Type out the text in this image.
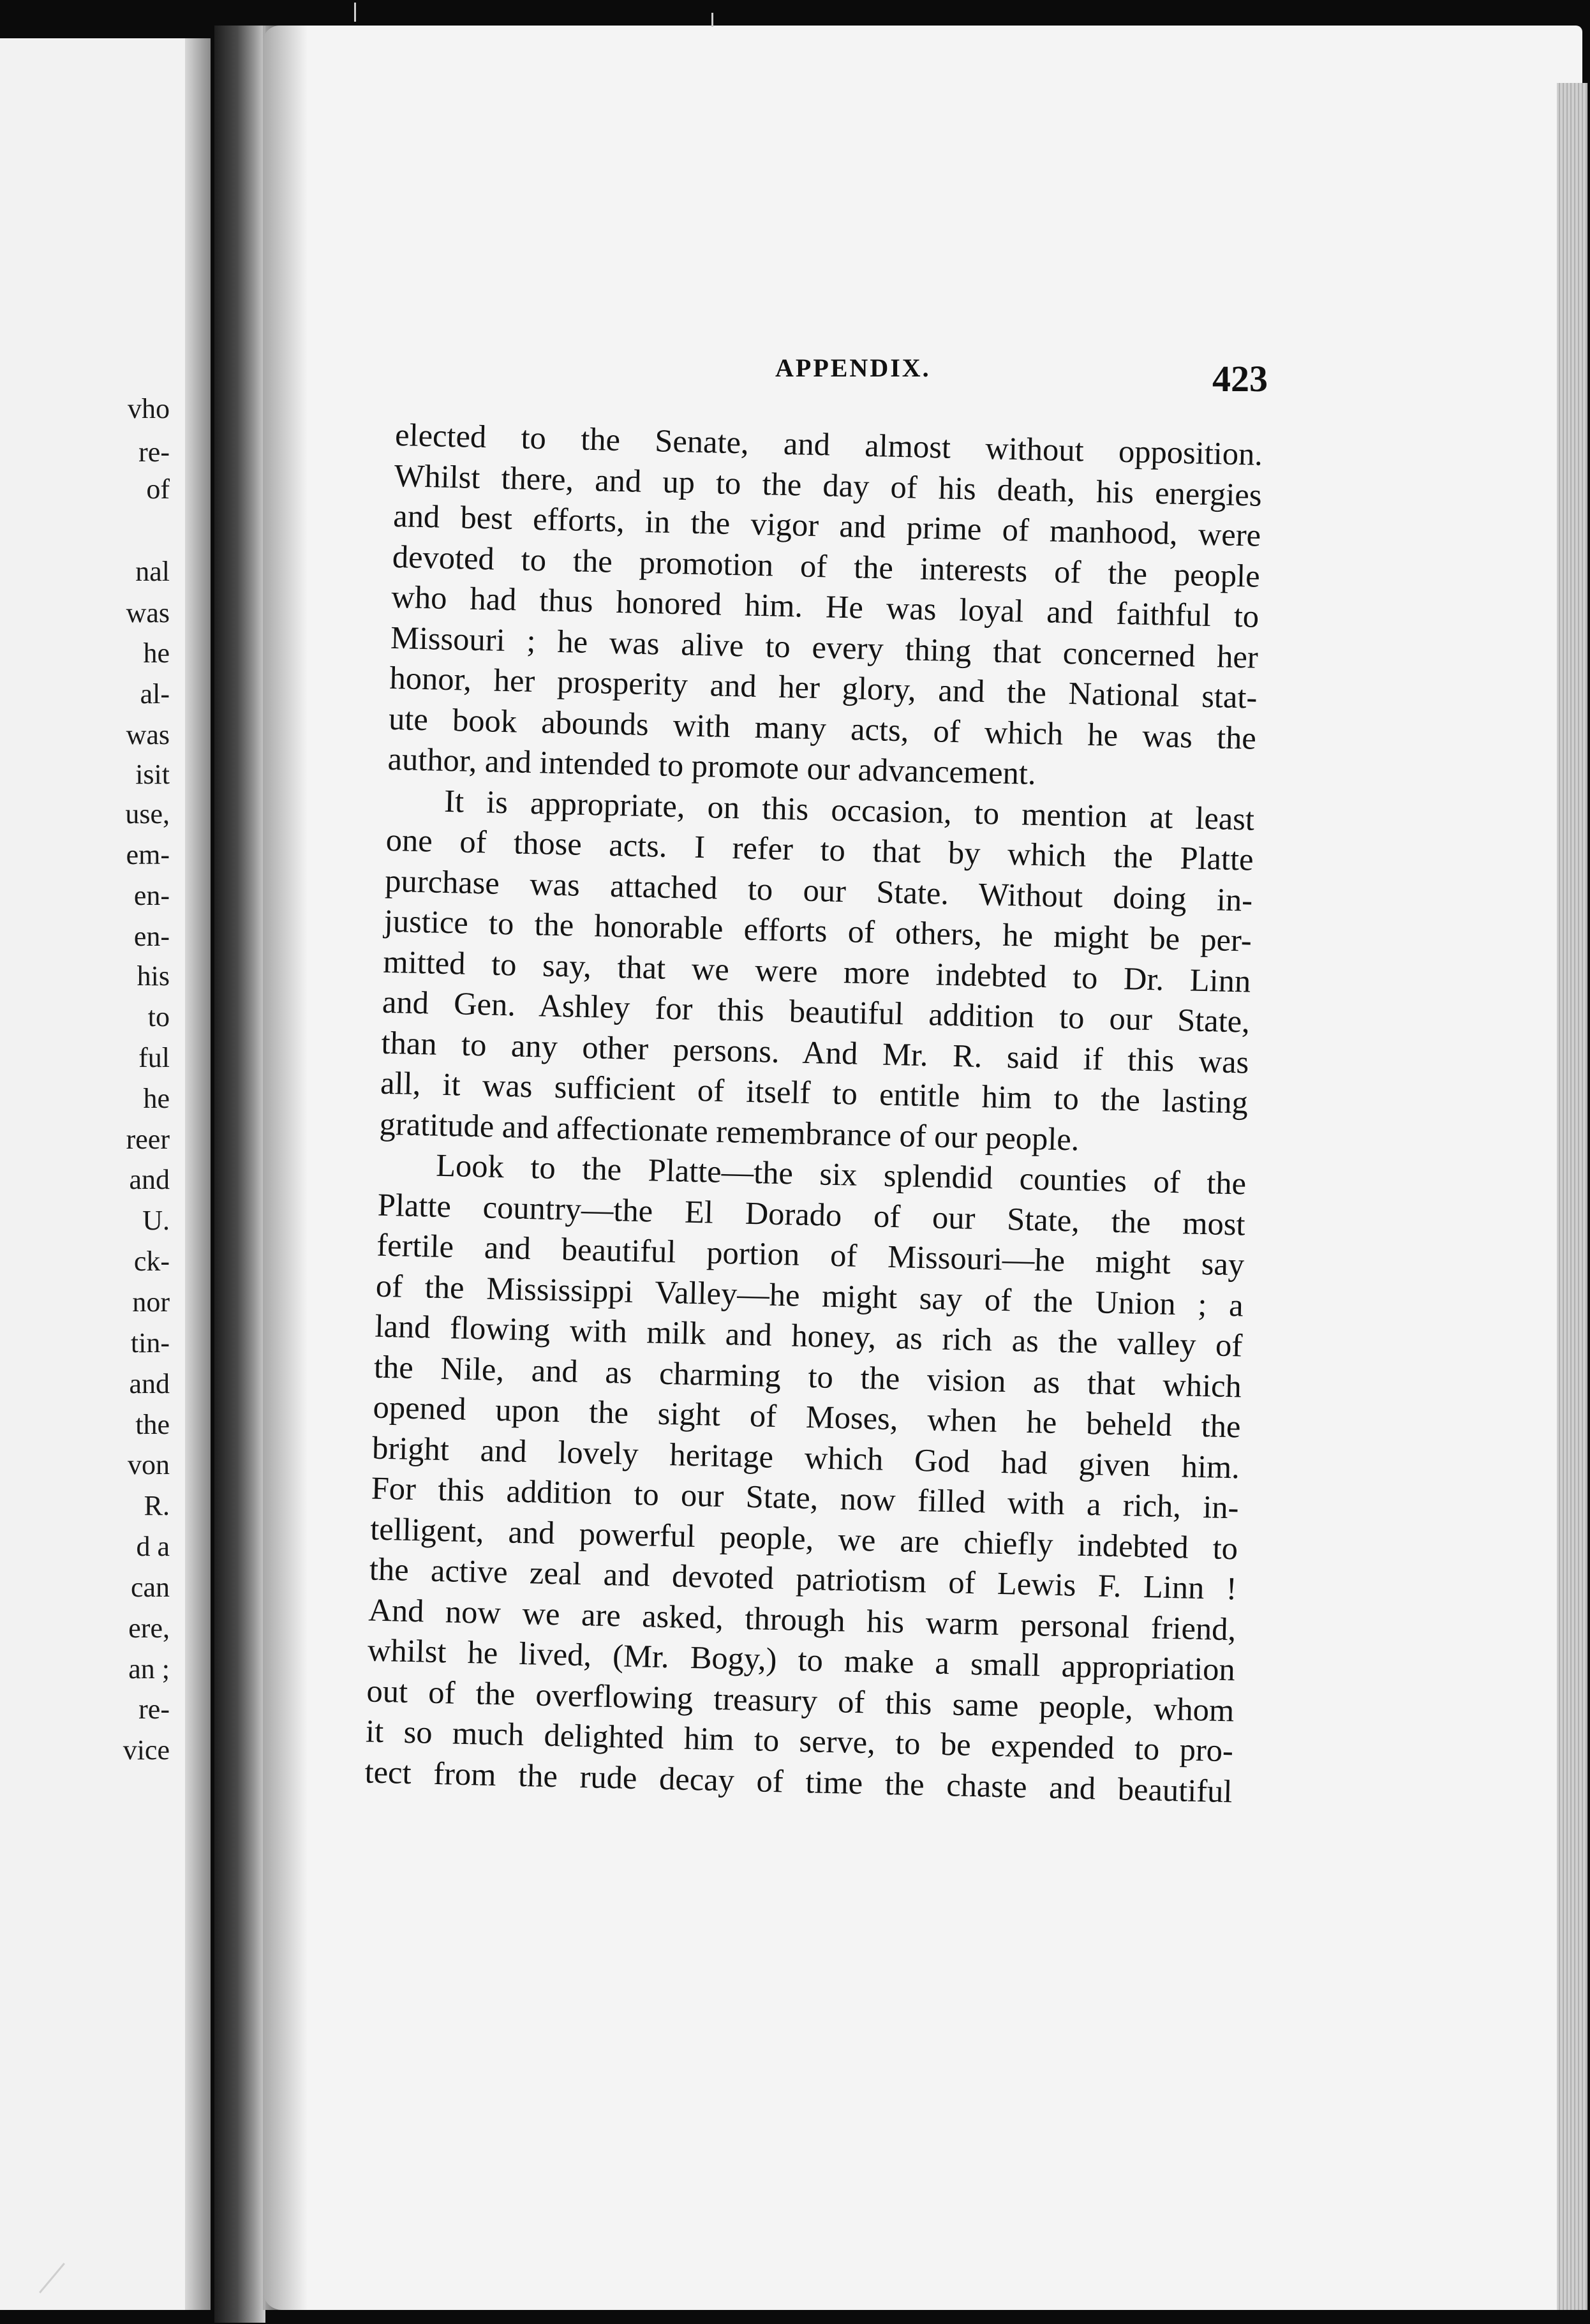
vho
re-
of
nal
was
he
al-
was
isit
use,
em-
en-
en-
his
to
ful
he
reer
and
U.
ck-
nor
tin-
and
the
von
R.
d a
can
ere,
an ;
re-
vice
APPENDIX.	423
elected to the Senate, and almost without opposition.
Whilst there, and up to the day of his death, his energies
and best efforts, in the vigor and prime of manhood, were
devoted to the promotion of the interests of the people
who had thus honored him. He was loyal and faithful to
Missouri ; he was alive to every thing that concerned her
honor, her prosperity and her glory, and the National stat-
ute book abounds with many acts, of which he was the
author, and intended to promote our advancement.
It is appropriate, on this occasion, to mention at least
one of those acts. I refer to that by which the Platte
purchase was attached to our State. Without doing in-
justice to the honorable efforts of others, he might be per-
mitted to say, that we were more indebted to Dr. Linn
and Gen. Ashley for this beautiful addition to our State,
than to any other persons. And Mr. R. said if this was
all, it was sufficient of itself to entitle him to the lasting
gratitude and affectionate remembrance of our people.
Look to the Platte—the six splendid counties of the
Platte country—the El Dorado of our State, the most
fertile and beautiful portion of Missouri—he might say
of the Mississippi Valley—he might say of the Union ; a
land flowing with milk and honey, as rich as the valley of
the Nile, and as charming to the vision as that which
opened upon the sight of Moses, when he beheld the
bright and lovely heritage which God had given him.
For this addition to our State, now filled with a rich, in-
telligent, and powerful people, we are chiefly indebted to
the active zeal and devoted patriotism of Lewis F. Linn !
And now we are asked, through his warm personal friend,
whilst he lived, (Mr. Bogy,) to make a small appropriation
out of the overflowing treasury of this same people, whom
it so much delighted him to serve, to be expended to pro-
tect from the rude decay of time the chaste and beautiful
